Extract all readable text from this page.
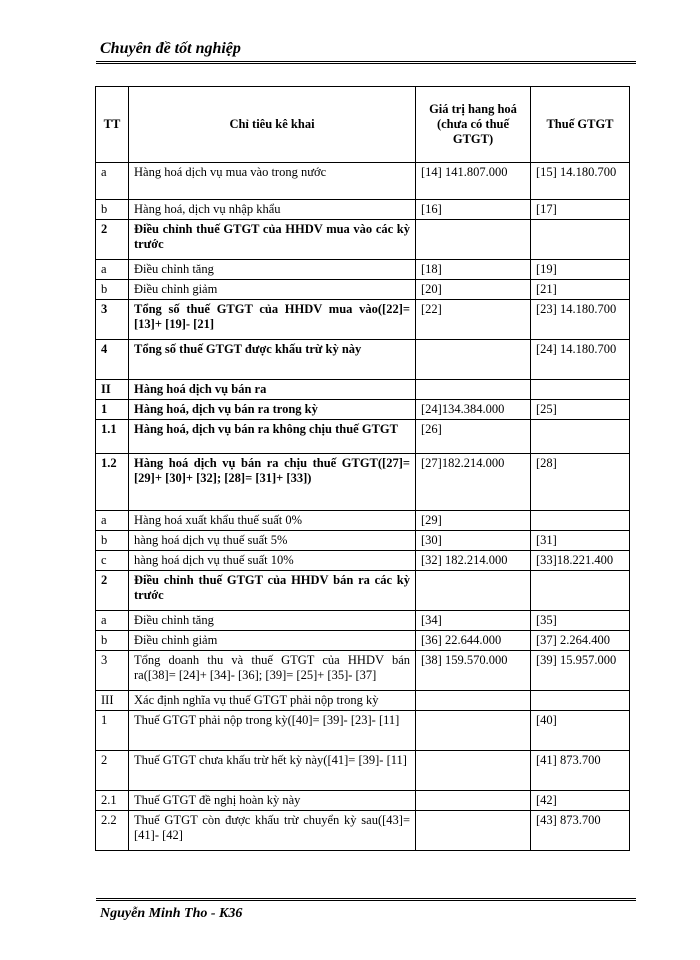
Chuyên đề tốt nghiệp
TT	Chỉ tiêu kê khai	Giá trị hang hoá (chưa có thuế GTGT)	Thuế GTGT
a	Hàng hoá dịch vụ mua vào trong nước	[14] 141.807.000	[15] 14.180.700
b	Hàng hoá, dịch vụ nhập khẩu	[16]	[17]
2	Điều chỉnh thuế GTGT của HHDV mua vào các kỳ trước		
a	Điều chỉnh tăng	[18]	[19]
b	Điều chỉnh giảm	[20]	[21]
3	Tổng số thuế GTGT của HHDV mua vào([22]= [13]+ [19]- [21]	[22]	[23] 14.180.700
4	Tổng số thuế GTGT được khấu trừ kỳ này		[24] 14.180.700
II	Hàng hoá dịch vụ bán ra		
1	Hàng hoá, dịch vụ bán ra trong kỳ	[24]134.384.000	[25]
1.1	Hàng hoá, dịch vụ bán ra không chịu thuế GTGT	[26]	
1.2	Hàng hoá dịch vụ bán ra chịu thuế GTGT([27]= [29]+ [30]+ [32]; [28]= [31]+ [33])	[27]182.214.000	[28]
a	Hàng hoá xuất khẩu thuế suất 0%	[29]	
b	hàng hoá dịch vụ thuế suất 5%	[30]	[31]
c	hàng hoá dịch vụ thuế suất 10%	[32] 182.214.000	[33]18.221.400
2	Điều chỉnh thuế GTGT của HHDV bán ra các kỳ trước		
a	Điều chỉnh tăng	[34]	[35]
b	Điều chỉnh giảm	[36] 22.644.000	[37] 2.264.400
3	Tổng doanh thu và thuế GTGT của HHDV bán ra([38]= [24]+ [34]- [36]; [39]= [25]+ [35]- [37]	[38] 159.570.000	[39] 15.957.000
III	Xác định nghĩa vụ thuế GTGT phải nộp trong kỳ		
1	Thuế GTGT phải nộp trong kỳ([40]= [39]- [23]- [11]		[40]
2	Thuế GTGT chưa khấu trừ hết kỳ này([41]= [39]- [11]		[41] 873.700
2.1	Thuế GTGT đề nghị hoàn kỳ này		[42]
2.2	Thuế GTGT còn được khấu trừ chuyển kỳ sau([43]= [41]- [42]		[43] 873.700
Nguyễn Minh Tho - K36
